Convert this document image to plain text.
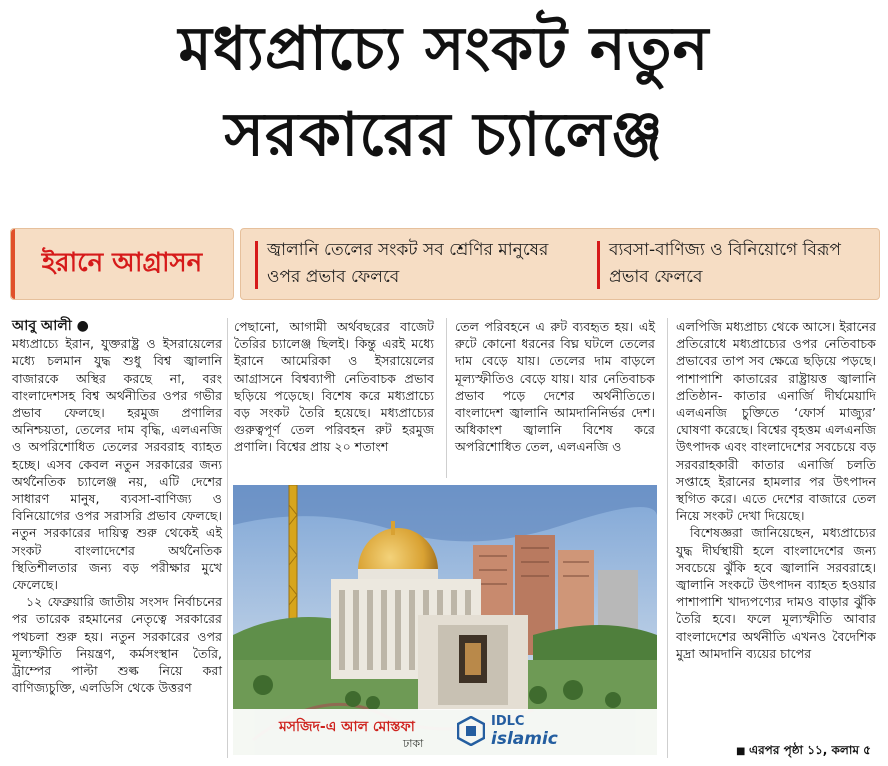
মধ্যপ্রাচ্যে সংকট নতুন
সরকারের চ্যালেঞ্জ
ইরানে আগ্রাসন	জ্বালানি তেলের সংকট সব শ্রেণির মানুষের ওপর প্রভাব ফেলবে
ব্যবসা-বাণিজ্য ও বিনিয়োগে বিরূপ প্রভাব ফেলবে

আবু আলী ●

মধ্যপ্রাচ্যে ইরান, যুক্তরাষ্ট্র ও ইসরায়েলের মধ্যে চলমান যুদ্ধ শুধু বিশ্ব জ্বালানি বাজারকে অস্থির করছে না, বরং বাংলাদেশসহ বিশ্ব অর্থনীতির ওপর গভীর প্রভাব ফেলছে। হরমুজ প্রণালির অনিশ্চয়তা, তেলের দাম বৃদ্ধি, এলএনজি ও অপরিশোধিত তেলের সরবরাহ ব্যাহত হচ্ছে। এসব কেবল নতুন সরকারের জন্য অর্থনৈতিক চ্যালেঞ্জ নয়, এটি দেশের সাধারণ মানুষ, ব্যবসা-বাণিজ্য ও বিনিয়োগের ওপর সরাসরি প্রভাব ফেলছে। নতুন সরকারের দায়িত্ব শুরু থেকেই এই সংকট বাংলাদেশের অর্থনৈতিক স্থিতিশীলতার জন্য বড় পরীক্ষার মুখে ফেলেছে।

১২ ফেব্রুয়ারি জাতীয় সংসদ নির্বাচনের পর তারেক রহমানের নেতৃত্বে সরকারের পথচলা শুরু হয়। নতুন সরকারের ওপর মূল্যস্ফীতি নিয়ন্ত্রণ, কর্মসংস্থান তৈরি, ট্রাম্পের পাল্টা শুল্ক নিয়ে করা বাণিজ্যচুক্তি, এলডিসি থেকে উত্তরণ

পেছানো, আগামী অর্থবছরের বাজেট তৈরির চ্যালেঞ্জ ছিলই। কিন্তু এরই মধ্যে ইরানে আমেরিকা ও ইসরায়েলের আগ্রাসনে বিশ্বব্যাপী নেতিবাচক প্রভাব ছড়িয়ে পড়েছে। বিশেষ করে মধ্যপ্রাচ্যে বড় সংকট তৈরি হয়েছে। মধ্যপ্রাচ্যের গুরুত্বপূর্ণ তেল পরিবহন রুট হরমুজ প্রণালি। বিশ্বের প্রায় ২০ শতাংশ

তেল পরিবহনে এ রুট ব্যবহৃত হয়। এই রুটে কোনো ধরনের বিঘ্ন ঘটলে তেলের দাম বেড়ে যায়। তেলের দাম বাড়লে মূল্যস্ফীতিও বেড়ে যায়। যার নেতিবাচক প্রভাব পড়ে দেশের অর্থনীতিতে। বাংলাদেশ জ্বালানি আমদানিনির্ভর দেশ। অধিকাংশ জ্বালানি বিশেষ করে অপরিশোধিত তেল, এলএনজি ও

এলপিজি মধ্যপ্রাচ্য থেকে আসে। ইরানের প্রতিরোধে মধ্যপ্রাচ্যের ওপর নেতিবাচক প্রভাবের তাপ সব ক্ষেত্রে ছড়িয়ে পড়ছে। পাশাপাশি কাতারের রাষ্ট্রায়ত্ত জ্বালানি প্রতিষ্ঠান- কাতার এনার্জি দীর্ঘমেয়াদি এলএনজি চুক্তিতে ‘ফোর্স মাজ্যুর’ ঘোষণা করেছে। বিশ্বের বৃহত্তম এলএনজি উৎপাদক এবং বাংলাদেশের সবচেয়ে বড় সরবরাহকারী কাতার এনার্জি চলতি সপ্তাহে ইরানের হামলার পর উৎপাদন স্থগিত করে। এতে দেশের বাজারে তেল নিয়ে সংকট দেখা দিয়েছে।

বিশেষজ্ঞরা জানিয়েছেন, মধ্যপ্রাচ্যের যুদ্ধ দীর্ঘস্থায়ী হলে বাংলাদেশের জন্য সবচেয়ে ঝুঁকি হবে জ্বালানি সরবরাহে। জ্বালানি সংকটে উৎপাদন ব্যাহত হওয়ার পাশাপাশি খাদ্যপণ্যের দামও বাড়ার ঝুঁকি তৈরি হবে। ফলে মূল্যস্ফীতি আবার বাংলাদেশের অর্থনীতি এখনও বৈদেশিক মুদ্রা আমদানি ব্যয়ের চাপের

মসজিদ-এ আল মোস্তফা
ঢাকা
IDLC
islamic
■ এরপর পৃষ্ঠা ১১, কলাম ৫
